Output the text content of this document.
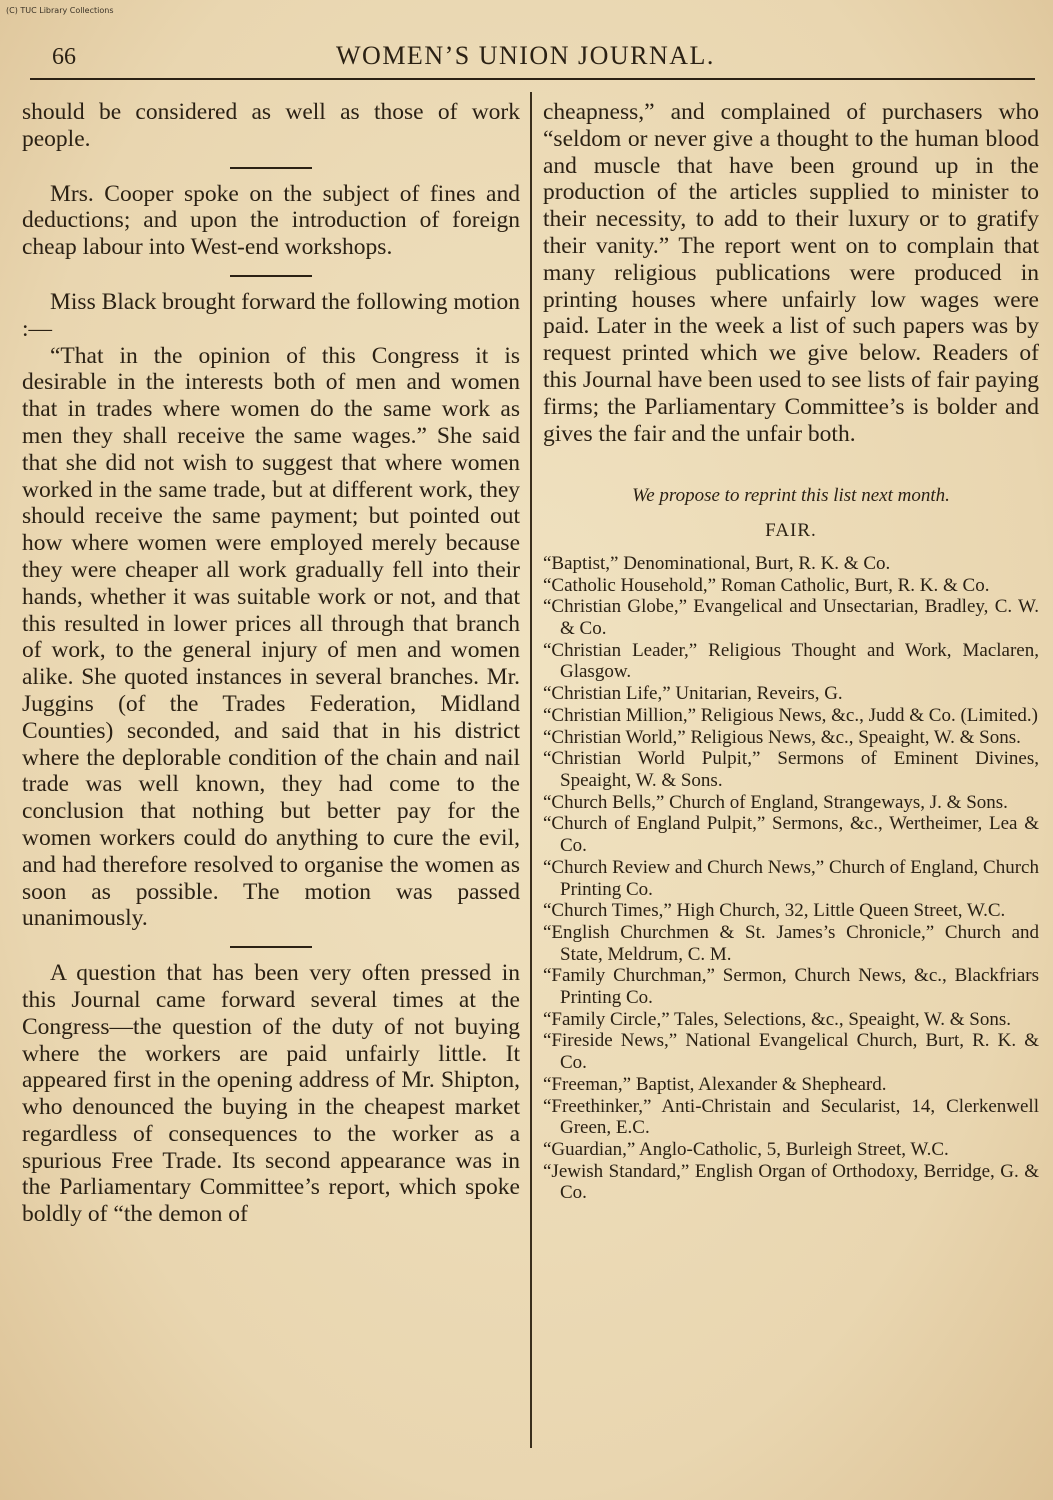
(C) TUC Library Collections
66	WOMEN’S UNION JOURNAL.

should be considered as well as those of work people.

Mrs. Cooper spoke on the subject of fines and deductions; and upon the introduction of foreign cheap labour into West-end workshops.

Miss Black brought forward the following motion :—

“That in the opinion of this Congress it is desirable in the interests both of men and women that in trades where women do the same work as men they shall receive the same wages.” She said that she did not wish to suggest that where women worked in the same trade, but at different work, they should receive the same payment; but pointed out how where women were employed merely because they were cheaper all work gradually fell into their hands, whether it was suitable work or not, and that this resulted in lower prices all through that branch of work, to the general injury of men and women alike. She quoted instances in several branches. Mr. Juggins (of the Trades Federation, Midland Counties) seconded, and said that in his district where the deplorable condition of the chain and nail trade was well known, they had come to the conclusion that nothing but better pay for the women workers could do anything to cure the evil, and had therefore resolved to organise the women as soon as possible. The motion was passed unanimously.

A question that has been very often pressed in this Journal came forward several times at the Congress—the question of the duty of not buying where the workers are paid unfairly little. It appeared first in the opening address of Mr. Shipton, who denounced the buying in the cheapest market regardless of consequences to the worker as a spurious Free Trade. Its second appearance was in the Parliamentary Committee’s report, which spoke boldly of “the demon of

cheapness,” and complained of purchasers who “seldom or never give a thought to the human blood and muscle that have been ground up in the production of the articles supplied to minister to their necessity, to add to their luxury or to gratify their vanity.” The report went on to complain that many religious publications were produced in printing houses where unfairly low wages were paid. Later in the week a list of such papers was by request printed which we give below. Readers of this Journal have been used to see lists of fair paying firms; the Parliamentary Committee’s is bolder and gives the fair and the unfair both.

We propose to reprint this list next month.
FAIR.
“Baptist,” Denominational, Burt, R. K. & Co.
“Catholic Household,” Roman Catholic, Burt, R. K. & Co.
“Christian Globe,” Evangelical and Unsectarian, Bradley, C. W. & Co.
“Christian Leader,” Religious Thought and Work, Maclaren, Glasgow.
“Christian Life,” Unitarian, Reveirs, G.
“Christian Million,” Religious News, &c., Judd & Co. (Limited.)
“Christian World,” Religious News, &c., Speaight, W. & Sons.
“Christian World Pulpit,” Sermons of Eminent Divines, Speaight, W. & Sons.
“Church Bells,” Church of England, Strangeways, J. & Sons.
“Church of England Pulpit,” Sermons, &c., Wertheimer, Lea & Co.
“Church Review and Church News,” Church of England, Church Printing Co.
“Church Times,” High Church, 32, Little Queen Street, W.C.
“English Churchmen & St. James’s Chronicle,” Church and State, Meldrum, C. M.
“Family Churchman,” Sermon, Church News, &c., Blackfriars Printing Co.
“Family Circle,” Tales, Selections, &c., Speaight, W. & Sons.
“Fireside News,” National Evangelical Church, Burt, R. K. & Co.
“Freeman,” Baptist, Alexander & Shepheard.
“Freethinker,” Anti-Christain and Secularist, 14, Clerkenwell Green, E.C.
“Guardian,” Anglo-Catholic, 5, Burleigh Street, W.C.
“Jewish Standard,” English Organ of Orthodoxy, Berridge, G. & Co.
